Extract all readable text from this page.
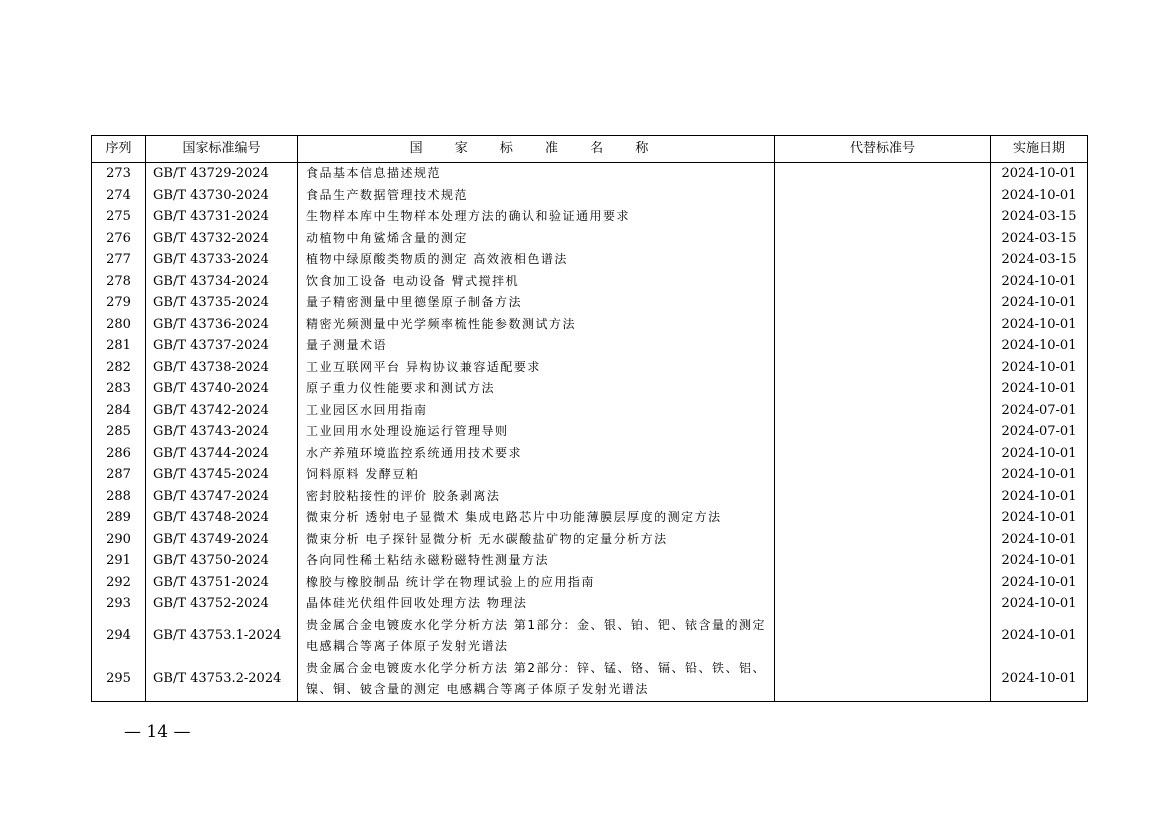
序列	国家标准编号	国 家 标 准 名 称	代替标准号	实施日期
273	GB/T 43729-2024	食品基本信息描述规范		2024-10-01
274	GB/T 43730-2024	食品生产数据管理技术规范		2024-10-01
275	GB/T 43731-2024	生物样本库中生物样本处理方法的确认和验证通用要求		2024-03-15
276	GB/T 43732-2024	动植物中角鲨烯含量的测定		2024-03-15
277	GB/T 43733-2024	植物中绿原酸类物质的测定 高效液相色谱法		2024-03-15
278	GB/T 43734-2024	饮食加工设备 电动设备 臂式搅拌机		2024-10-01
279	GB/T 43735-2024	量子精密测量中里德堡原子制备方法		2024-10-01
280	GB/T 43736-2024	精密光频测量中光学频率梳性能参数测试方法		2024-10-01
281	GB/T 43737-2024	量子测量术语		2024-10-01
282	GB/T 43738-2024	工业互联网平台 异构协议兼容适配要求		2024-10-01
283	GB/T 43740-2024	原子重力仪性能要求和测试方法		2024-10-01
284	GB/T 43742-2024	工业园区水回用指南		2024-07-01
285	GB/T 43743-2024	工业回用水处理设施运行管理导则		2024-07-01
286	GB/T 43744-2024	水产养殖环境监控系统通用技术要求		2024-10-01
287	GB/T 43745-2024	饲料原料 发酵豆粕		2024-10-01
288	GB/T 43747-2024	密封胶粘接性的评价 胶条剥离法		2024-10-01
289	GB/T 43748-2024	微束分析 透射电子显微术 集成电路芯片中功能薄膜层厚度的测定方法		2024-10-01
290	GB/T 43749-2024	微束分析 电子探针显微分析 无水碳酸盐矿物的定量分析方法		2024-10-01
291	GB/T 43750-2024	各向同性稀土粘结永磁粉磁特性测量方法		2024-10-01
292	GB/T 43751-2024	橡胶与橡胶制品 统计学在物理试验上的应用指南		2024-10-01
293	GB/T 43752-2024	晶体硅光伏组件回收处理方法 物理法		2024-10-01
294	GB/T 43753.1-2024	贵金属合金电镀废水化学分析方法 第1部分：金、银、铂、钯、铱含量的测定 电感耦合等离子体原子发射光谱法		2024-10-01
295	GB/T 43753.2-2024	贵金属合金电镀废水化学分析方法 第2部分：锌、锰、铬、镉、铅、铁、铝、镍、铜、铍含量的测定 电感耦合等离子体原子发射光谱法		2024-10-01
— 14 —
